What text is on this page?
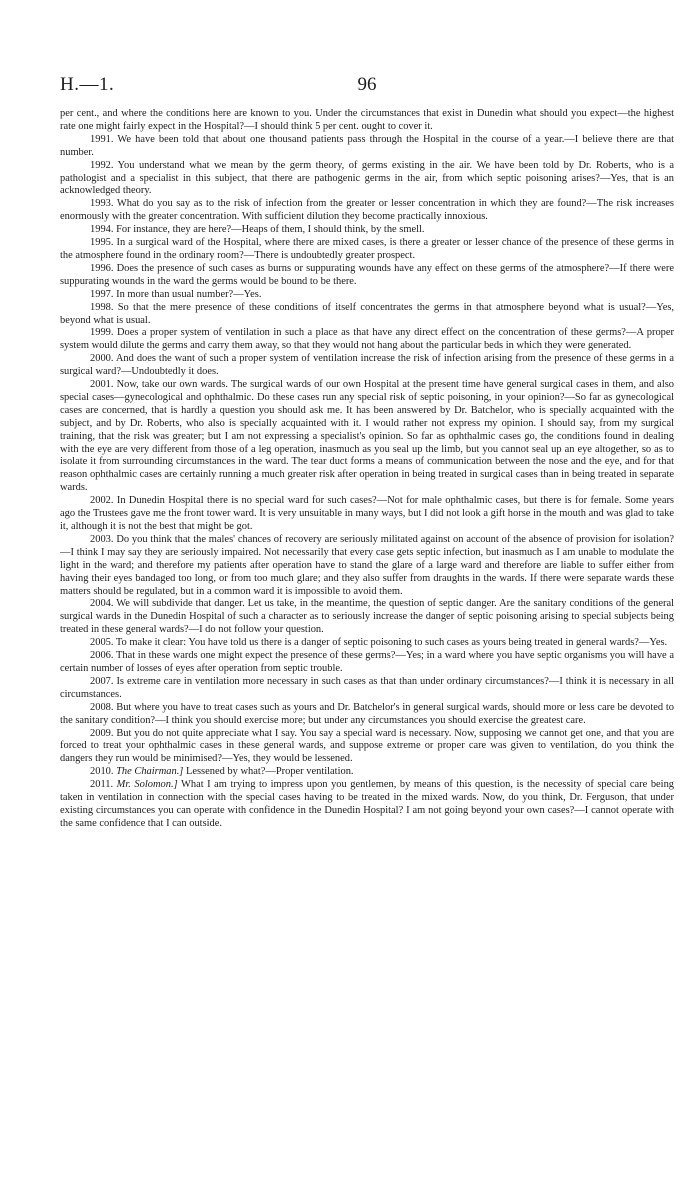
H.—1.	96

per cent., and where the conditions here are known to you. Under the circumstances that exist in Dunedin what should you expect—the highest rate one might fairly expect in the Hospital?—I should think 5 per cent. ought to cover it.

1991. We have been told that about one thousand patients pass through the Hospital in the course of a year.—I believe there are that number.

1992. You understand what we mean by the germ theory, of germs existing in the air. We have been told by Dr. Roberts, who is a pathologist and a specialist in this subject, that there are pathogenic germs in the air, from which septic poisoning arises?—Yes, that is an acknowledged theory.

1993. What do you say as to the risk of infection from the greater or lesser concentration in which they are found?—The risk increases enormously with the greater concentration. With sufficient dilution they become practically innoxious.

1994. For instance, they are here?—Heaps of them, I should think, by the smell.

1995. In a surgical ward of the Hospital, where there are mixed cases, is there a greater or lesser chance of the presence of these germs in the atmosphere found in the ordinary room?—There is undoubtedly greater prospect.

1996. Does the presence of such cases as burns or suppurating wounds have any effect on these germs of the atmosphere?—If there were suppurating wounds in the ward the germs would be bound to be there.

1997. In more than usual number?—Yes.

1998. So that the mere presence of these conditions of itself concentrates the germs in that atmosphere beyond what is usual?—Yes, beyond what is usual.

1999. Does a proper system of ventilation in such a place as that have any direct effect on the concentration of these germs?—A proper system would dilute the germs and carry them away, so that they would not hang about the particular beds in which they were generated.

2000. And does the want of such a proper system of ventilation increase the risk of infection arising from the presence of these germs in a surgical ward?—Undoubtedly it does.

2001. Now, take our own wards. The surgical wards of our own Hospital at the present time have general surgical cases in them, and also special cases—gynecological and ophthalmic. Do these cases run any special risk of septic poisoning, in your opinion?—So far as gynecological cases are concerned, that is hardly a question you should ask me. It has been answered by Dr. Batchelor, who is specially acquainted with the subject, and by Dr. Roberts, who also is specially acquainted with it. I would rather not express my opinion. I should say, from my surgical training, that the risk was greater; but I am not expressing a specialist's opinion. So far as ophthalmic cases go, the conditions found in dealing with the eye are very different from those of a leg operation, inasmuch as you seal up the limb, but you cannot seal up an eye altogether, so as to isolate it from surrounding circumstances in the ward. The tear duct forms a means of communication between the nose and the eye, and for that reason ophthalmic cases are certainly running a much greater risk after operation in being treated in surgical cases than in being treated in separate wards.

2002. In Dunedin Hospital there is no special ward for such cases?—Not for male ophthalmic cases, but there is for female. Some years ago the Trustees gave me the front tower ward. It is very unsuitable in many ways, but I did not look a gift horse in the mouth and was glad to take it, although it is not the best that might be got.

2003. Do you think that the males' chances of recovery are seriously militated against on account of the absence of provision for isolation?—I think I may say they are seriously impaired. Not necessarily that every case gets septic infection, but inasmuch as I am unable to modulate the light in the ward; and therefore my patients after operation have to stand the glare of a large ward and therefore are liable to suffer either from having their eyes bandaged too long, or from too much glare; and they also suffer from draughts in the wards. If there were separate wards these matters should be regulated, but in a common ward it is impossible to avoid them.

2004. We will subdivide that danger. Let us take, in the meantime, the question of septic danger. Are the sanitary conditions of the general surgical wards in the Dunedin Hospital of such a character as to seriously increase the danger of septic poisoning arising to special subjects being treated in these general wards?—I do not follow your question.

2005. To make it clear: You have told us there is a danger of septic poisoning to such cases as yours being treated in general wards?—Yes.

2006. That in these wards one might expect the presence of these germs?—Yes; in a ward where you have septic organisms you will have a certain number of losses of eyes after operation from septic trouble.

2007. Is extreme care in ventilation more necessary in such cases as that than under ordinary circumstances?—I think it is necessary in all circumstances.

2008. But where you have to treat cases such as yours and Dr. Batchelor's in general surgical wards, should more or less care be devoted to the sanitary condition?—I think you should exercise more; but under any circumstances you should exercise the greatest care.

2009. But you do not quite appreciate what I say. You say a special ward is necessary. Now, supposing we cannot get one, and that you are forced to treat your ophthalmic cases in these general wards, and suppose extreme or proper care was given to ventilation, do you think the dangers they run would be minimised?—Yes, they would be lessened.

2010. The Chairman.] Lessened by what?—Proper ventilation.

2011. Mr. Solomon.] What I am trying to impress upon you gentlemen, by means of this question, is the necessity of special care being taken in ventilation in connection with the special cases having to be treated in the mixed wards. Now, do you think, Dr. Ferguson, that under existing circumstances you can operate with confidence in the Dunedin Hospital? I am not going beyond your own cases?—I cannot operate with the same confidence that I can outside.
